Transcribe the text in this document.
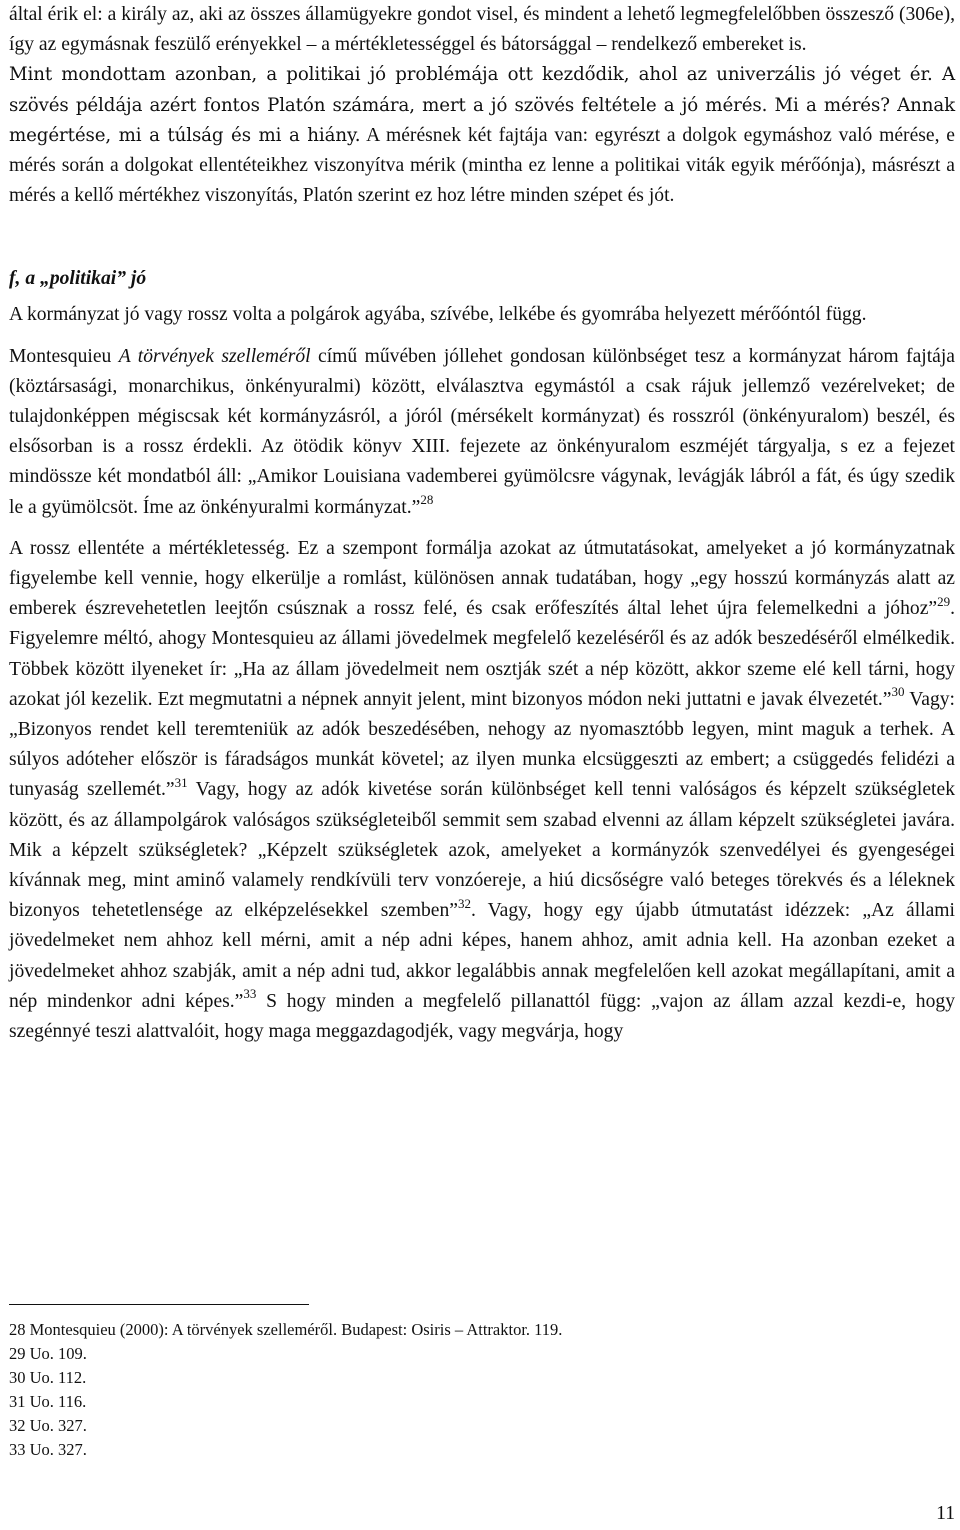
által érik el: a király az, aki az összes államügyekre gondot visel, és mindent a lehető legmegfelelőbben összesző (306e), így az egymásnak feszülő erényekkel – a mértékletességgel és bátorsággal – rendelkező embereket is.

Mint mondottam azonban, a politikai jó problémája ott kezdődik, ahol az univerzális jó véget ér. A szövés példája azért fontos Platón számára, mert a jó szövés feltétele a jó mérés. Mi a mérés? Annak megértése, mi a túlság és mi a hiány. A mérésnek két fajtája van: egyrészt a dolgok egymáshoz való mérése, e mérés során a dolgokat ellentéteikhez viszonyítva mérik (mintha ez lenne a politikai viták egyik mérőónja), másrészt a mérés a kellő mértékhez viszonyítás, Platón szerint ez hoz létre minden szépet és jót.

f, a „politikai” jó

A kormányzat jó vagy rossz volta a polgárok agyába, szívébe, lelkébe és gyomrába helyezett mérőóntól függ.

Montesquieu A törvények szelleméről című művében jóllehet gondosan különbséget tesz a kormányzat három fajtája (köztársasági, monarchikus, önkényuralmi) között, elválasztva egymástól a csak rájuk jellemző vezérelveket; de tulajdonképpen mégiscsak két kormányzásról, a jóról (mérsékelt kormányzat) és rosszról (önkényuralom) beszél, és elsősorban is a rossz érdekli. Az ötödik könyv XIII. fejezete az önkényuralom eszméjét tárgyalja, s ez a fejezet mindössze két mondatból áll: „Amikor Louisiana vademberei gyümölcsre vágynak, levágják lábról a fát, és úgy szedik le a gyümölcsöt. Íme az önkényuralmi kormányzat.”$^{28}$

A rossz ellentéte a mértékletesség. Ez a szempont formálja azokat az útmutatásokat, amelyeket a jó kormányzatnak figyelembe kell vennie, hogy elkerülje a romlást, különösen annak tudatában, hogy „egy hosszú kormányzás alatt az emberek észrevehetetlen leejtőn csúsznak a rossz felé, és csak erőfeszítés által lehet újra felemelkedni a jóhoz”$^{29}$. Figyelemre méltó, ahogy Montesquieu az állami jövedelmek megfelelő kezeléséről és az adók beszedéséről elmélkedik. Többek között ilyeneket ír: „Ha az állam jövedelmeit nem osztják szét a nép között, akkor szeme elé kell tárni, hogy azokat jól kezelik. Ezt megmutatni a népnek annyit jelent, mint bizonyos módon neki juttatni e javak élvezetét.”$^{30}$ Vagy: „Bizonyos rendet kell teremteniük az adók beszedésében, nehogy az nyomasztóbb legyen, mint maguk a terhek. A súlyos adóteher először is fáradságos munkát követel; az ilyen munka elcsüggeszti az embert; a csüggedés felidézi a tunyaság szellemét.”$^{31}$ Vagy, hogy az adók kivetése során különbséget kell tenni valóságos és képzelt szükségletek között, és az állampolgárok valóságos szükségleteiből semmit sem szabad elvenni az állam képzelt szükségletei javára. Mik a képzelt szükségletek? „Képzelt szükségletek azok, amelyeket a kormányzók szenvedélyei és gyengeségei kívánnak meg, mint aminő valamely rendkívüli terv vonzóereje, a hiú dicsőségre való beteges törekvés és a léleknek bizonyos tehetetlensége az elképzelésekkel szemben”$^{32}$. Vagy, hogy egy újabb útmutatást idézzek: „Az állami jövedelmeket nem ahhoz kell mérni, amit a nép adni képes, hanem ahhoz, amit adnia kell. Ha azonban ezeket a jövedelmeket ahhoz szabják, amit a nép adni tud, akkor legalábbis annak megfelelően kell azokat megállapítani, amit a nép mindenkor adni képes.”$^{33}$ S hogy minden a megfelelő pillanattól függ: „vajon az állam azzal kezdi-e, hogy szegénnyé teszi alattvalóit, hogy maga meggazdagodjék, vagy megvárja, hogy

28 Montesquieu (2000): A törvények szelleméről. Budapest: Osiris – Attraktor. 119.

29 Uo. 109.

30 Uo. 112.

31 Uo. 116.

32 Uo. 327.

33 Uo. 327.

11
